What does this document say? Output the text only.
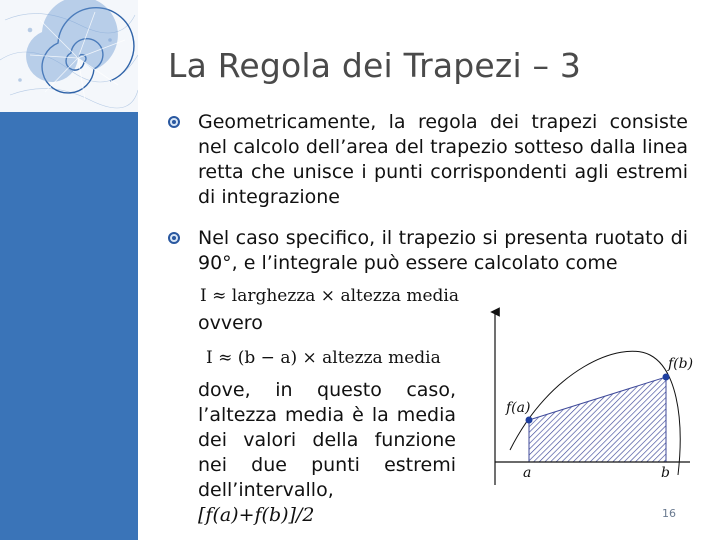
La Regola dei Trapezi – 3
Geometricamente, la regola dei trapezi consiste nel calcolo dell’area del trapezio sotteso dalla linea retta che unisce i punti corrispondenti agli estremi di integrazione
Nel caso specifico, il trapezio si presenta ruotato di 90°, e l’integrale può essere calcolato come
I ≈ larghezza × altezza media
ovvero
I ≈ (b − a) × altezza media
dove, in questo caso, l’altezza media è la media dei valori della funzione nei due punti estremi dell’intervallo, [f(a)+f(b)]/2
f(a)
f(b)
a	b
16
